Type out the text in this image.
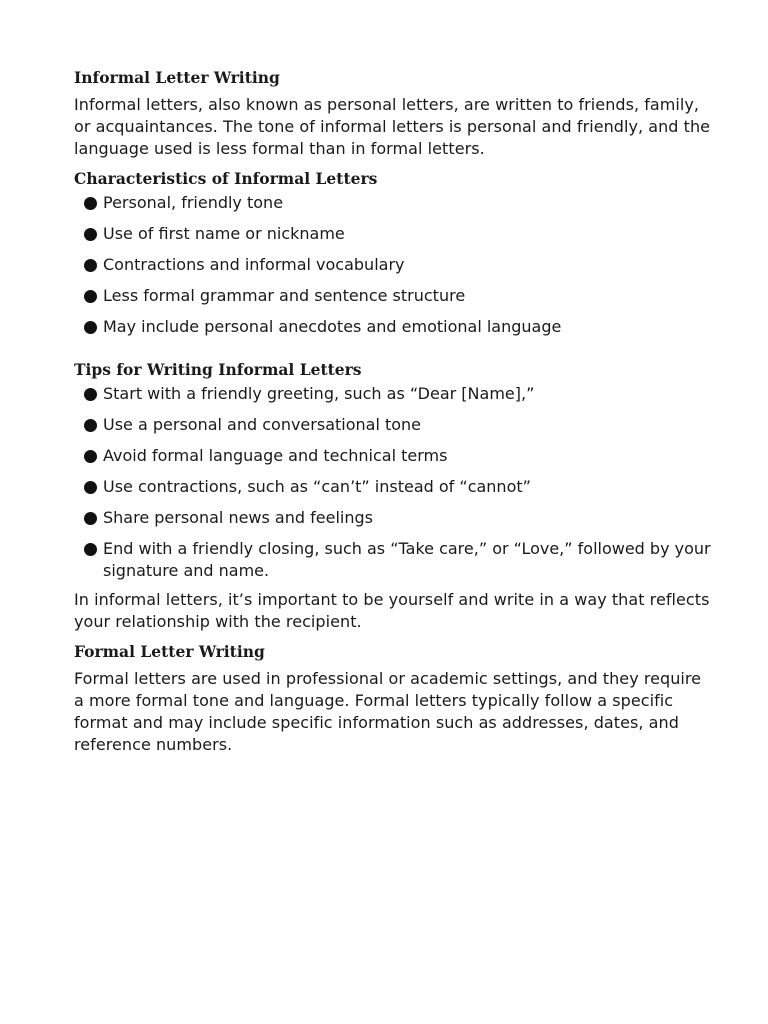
Informal Letter Writing

Informal letters, also known as personal letters, are written to friends, family, or acquaintances. The tone of informal letters is personal and friendly, and the language used is less formal than in formal letters.

Characteristics of Informal Letters
Personal, friendly tone
Use of first name or nickname
Contractions and informal vocabulary
Less formal grammar and sentence structure
May include personal anecdotes and emotional language
Tips for Writing Informal Letters
Start with a friendly greeting, such as “Dear [Name],”
Use a personal and conversational tone
Avoid formal language and technical terms
Use contractions, such as “can’t” instead of “cannot”
Share personal news and feelings
End with a friendly closing, such as “Take care,” or “Love,” followed by your signature and name.

In informal letters, it’s important to be yourself and write in a way that reflects your relationship with the recipient.

Formal Letter Writing

Formal letters are used in professional or academic settings, and they require a more formal tone and language. Formal letters typically follow a specific format and may include specific information such as addresses, dates, and reference numbers.
